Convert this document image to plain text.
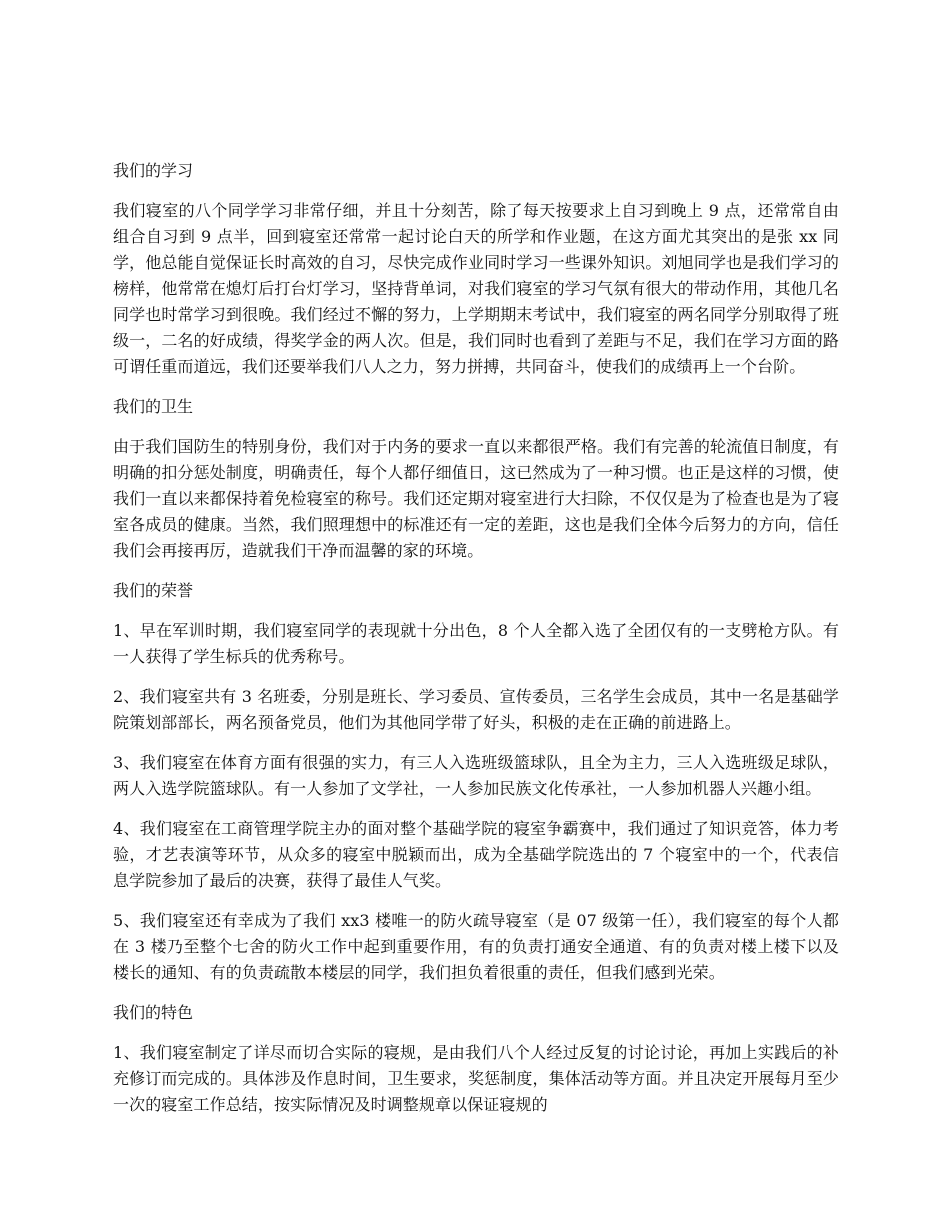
我们的学习

我们寝室的八个同学学习非常仔细，并且十分刻苦，除了每天按要求上自习到晚上 9 点，还常常自由组合自习到 9 点半，回到寝室还常常一起讨论白天的所学和作业题，在这方面尤其突出的是张 xx 同学，他总能自觉保证长时高效的自习，尽快完成作业同时学习一些课外知识。刘旭同学也是我们学习的榜样，他常常在熄灯后打台灯学习，坚持背单词，对我们寝室的学习气氛有很大的带动作用，其他几名同学也时常学习到很晚。我们经过不懈的努力，上学期期末考试中，我们寝室的两名同学分别取得了班级一，二名的好成绩，得奖学金的两人次。但是，我们同时也看到了差距与不足，我们在学习方面的路可谓任重而道远，我们还要举我们八人之力，努力拼搏，共同奋斗，使我们的成绩再上一个台阶。

我们的卫生

由于我们国防生的特别身份，我们对于内务的要求一直以来都很严格。我们有完善的轮流值日制度，有明确的扣分惩处制度，明确责任，每个人都仔细值日，这已然成为了一种习惯。也正是这样的习惯，使我们一直以来都保持着免检寝室的称号。我们还定期对寝室进行大扫除，不仅仅是为了检查也是为了寝室各成员的健康。当然，我们照理想中的标准还有一定的差距，这也是我们全体今后努力的方向，信任我们会再接再厉，造就我们干净而温馨的家的环境。

我们的荣誉

1、早在军训时期，我们寝室同学的表现就十分出色，8 个人全都入选了全团仅有的一支劈枪方队。有一人获得了学生标兵的优秀称号。

2、我们寝室共有 3 名班委，分别是班长、学习委员、宣传委员，三名学生会成员，其中一名是基础学院策划部部长，两名预备党员，他们为其他同学带了好头，积极的走在正确的前进路上。

3、我们寝室在体育方面有很强的实力，有三人入选班级篮球队，且全为主力，三人入选班级足球队，两人入选学院篮球队。有一人参加了文学社，一人参加民族文化传承社，一人参加机器人兴趣小组。

4、我们寝室在工商管理学院主办的面对整个基础学院的寝室争霸赛中，我们通过了知识竞答，体力考验，才艺表演等环节，从众多的寝室中脱颖而出，成为全基础学院选出的 7 个寝室中的一个，代表信息学院参加了最后的决赛，获得了最佳人气奖。

5、我们寝室还有幸成为了我们 xx3 楼唯一的防火疏导寝室（是 07 级第一任），我们寝室的每个人都在 3 楼乃至整个七舍的防火工作中起到重要作用，有的负责打通安全通道、有的负责对楼上楼下以及楼长的通知、有的负责疏散本楼层的同学，我们担负着很重的责任，但我们感到光荣。

我们的特色

1、我们寝室制定了详尽而切合实际的寝规，是由我们八个人经过反复的讨论讨论，再加上实践后的补充修订而完成的。具体涉及作息时间，卫生要求，奖惩制度，集体活动等方面。并且决定开展每月至少一次的寝室工作总结，按实际情况及时调整规章以保证寝规的
